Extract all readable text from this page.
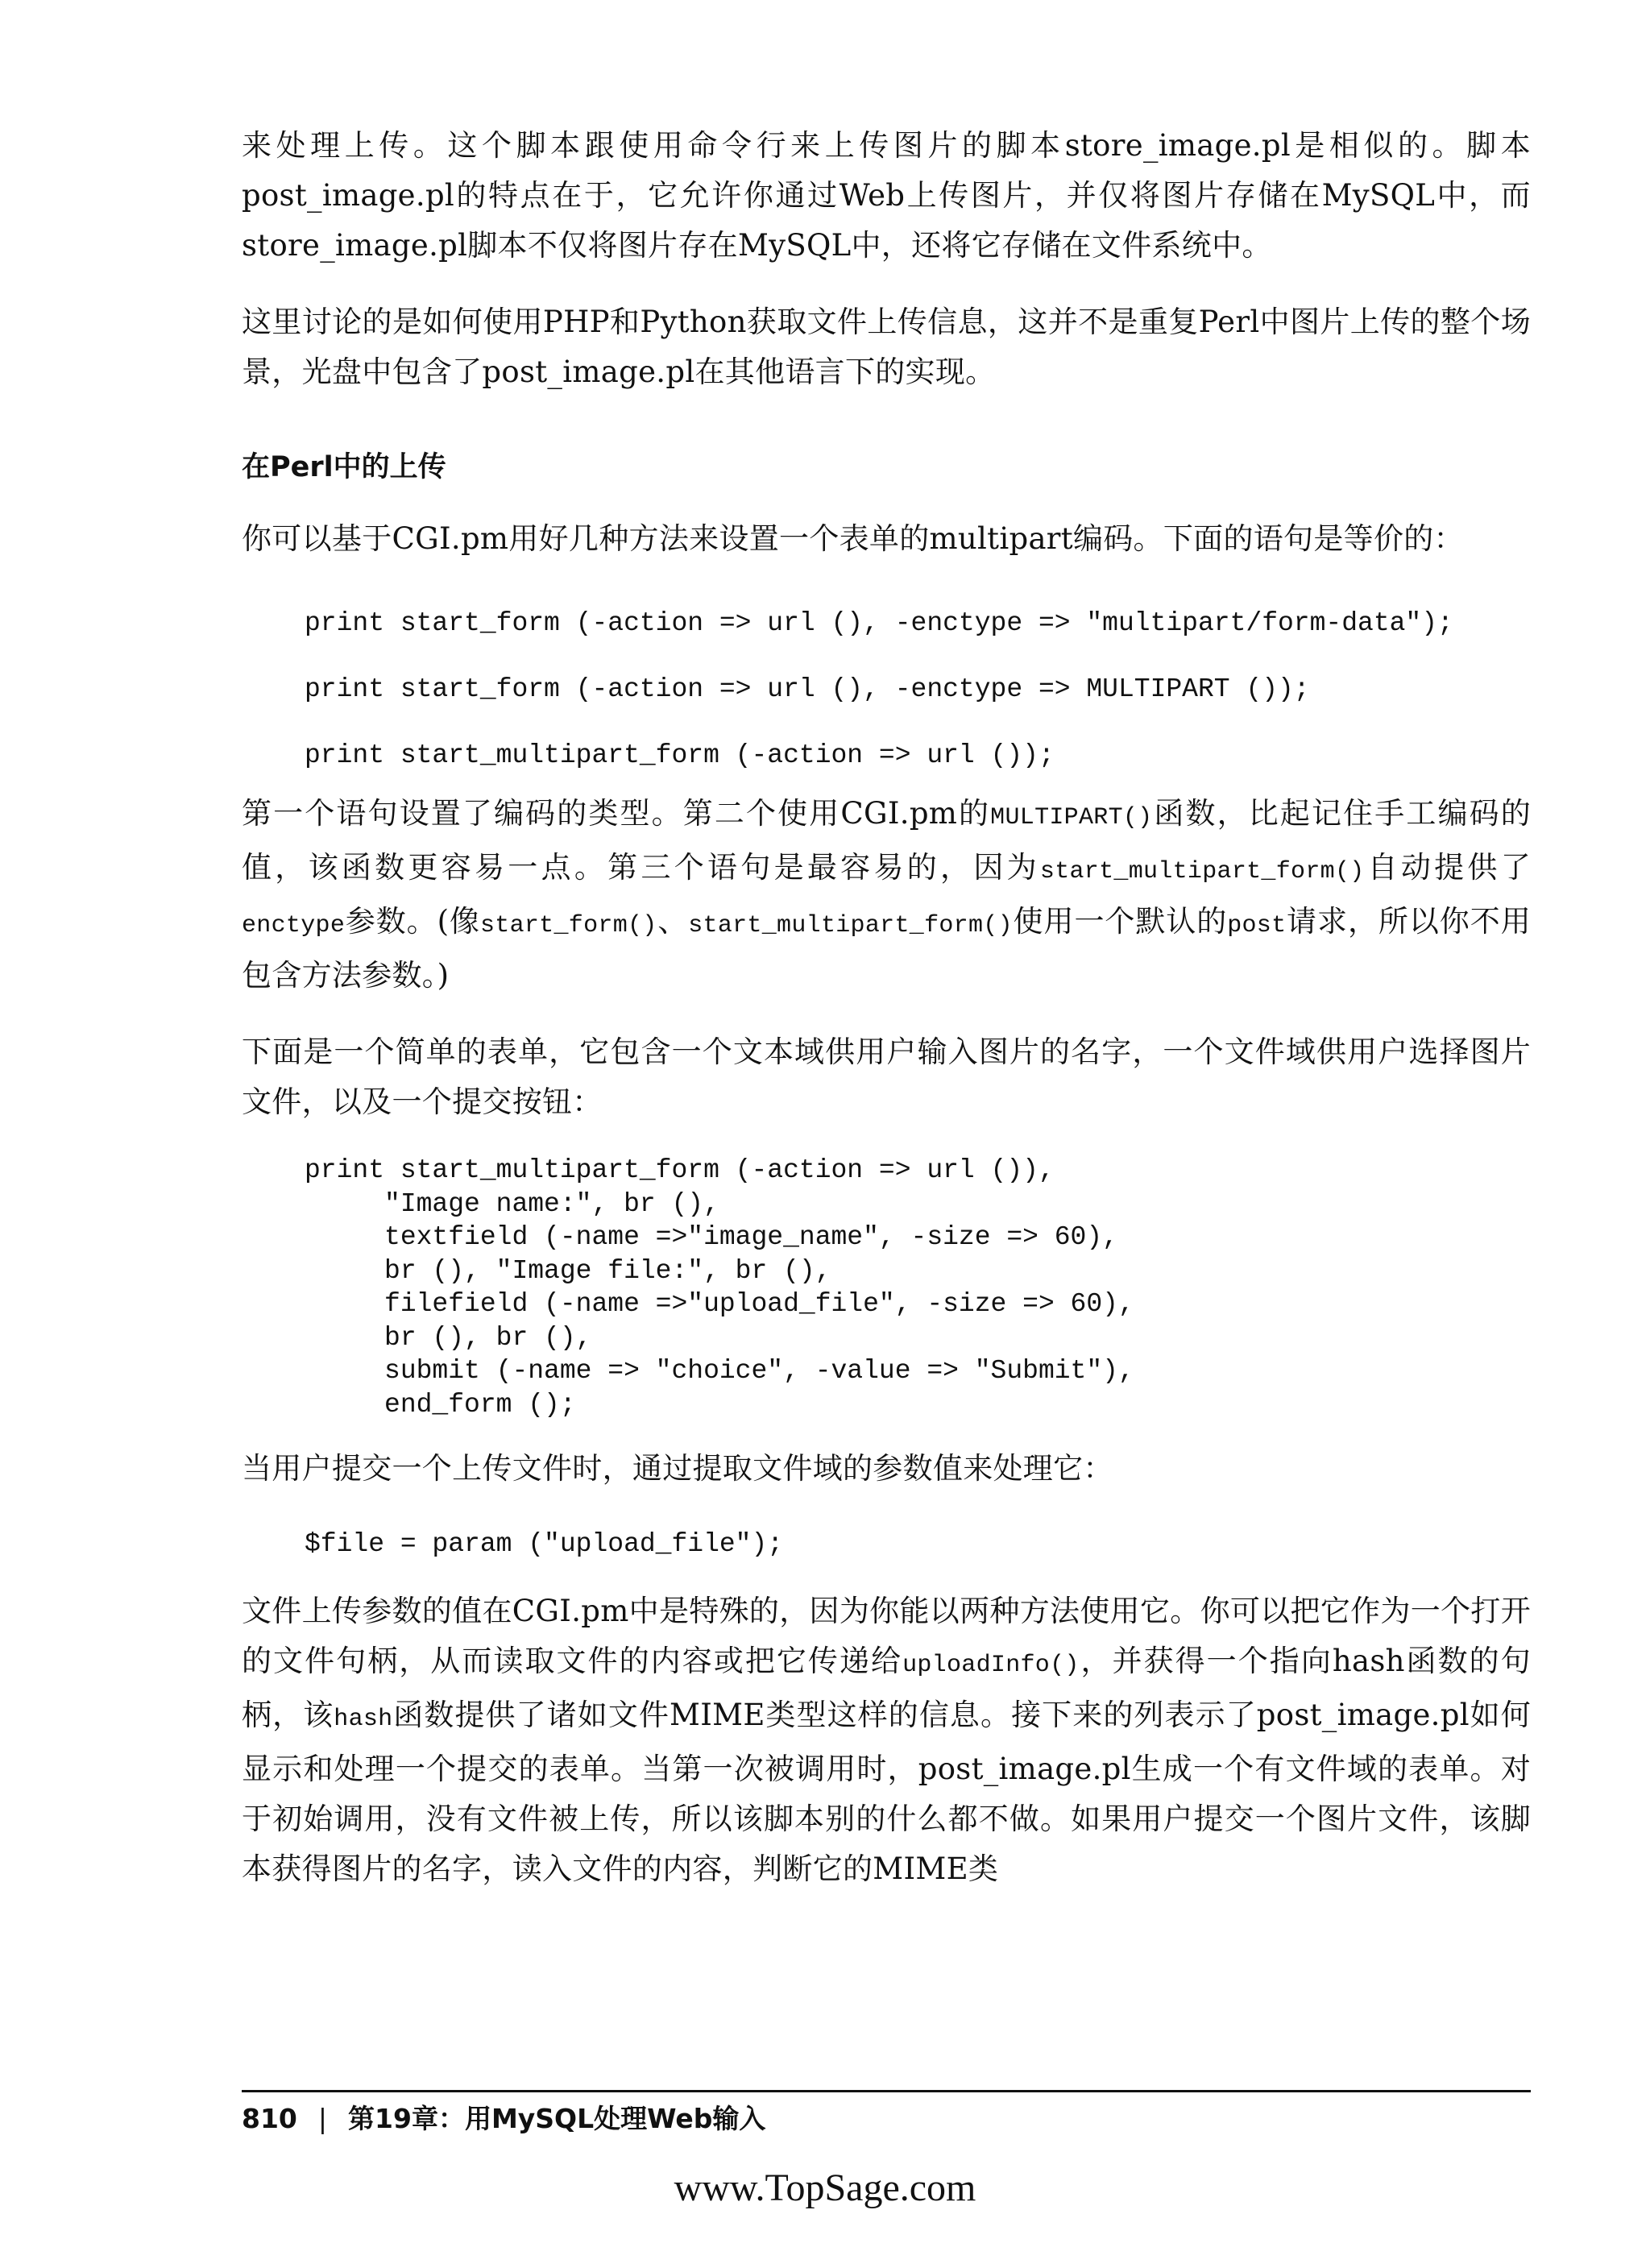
来处理上传。这个脚本跟使用命令行来上传图片的脚本store_image.pl是相似的。脚本post_image.pl的特点在于，它允许你通过Web上传图片，并仅将图片存储在MySQL中，而store_image.pl脚本不仅将图片存在MySQL中，还将它存储在文件系统中。

这里讨论的是如何使用PHP和Python获取文件上传信息，这并不是重复Perl中图片上传的整个场景，光盘中包含了post_image.pl在其他语言下的实现。

在Perl中的上传

你可以基于CGI.pm用好几种方法来设置一个表单的multipart编码。下面的语句是等价的：

print start_form (-action => url (), -enctype => "multipart/form-data");
print start_form (-action => url (), -enctype => MULTIPART ());
print start_multipart_form (-action => url ());

第一个语句设置了编码的类型。第二个使用CGI.pm的MULTIPART()函数，比起记住手工编码的值，该函数更容易一点。第三个语句是最容易的，因为start_multipart_form()自动提供了enctype参数。(像start_form()、start_multipart_form()使用一个默认的post请求，所以你不用包含方法参数。)

下面是一个简单的表单，它包含一个文本域供用户输入图片的名字，一个文件域供用户选择图片文件，以及一个提交按钮：

print start_multipart_form (-action => url ()),
"Image name:", br (),
textfield (-name =>"image_name", -size => 60),
br (), "Image file:", br (),
filefield (-name =>"upload_file", -size => 60),
br (), br (),
submit (-name => "choice", -value => "Submit"),
end_form ();

当用户提交一个上传文件时，通过提取文件域的参数值来处理它：

$file = param ("upload_file");

文件上传参数的值在CGI.pm中是特殊的，因为你能以两种方法使用它。你可以把它作为一个打开的文件句柄，从而读取文件的内容或把它传递给uploadInfo()，并获得一个指向hash函数的句柄，该hash函数提供了诸如文件MIME类型这样的信息。接下来的列表示了post_image.pl如何显示和处理一个提交的表单。当第一次被调用时，post_image.pl生成一个有文件域的表单。对于初始调用，没有文件被上传，所以该脚本别的什么都不做。如果用户提交一个图片文件，该脚本获得图片的名字，读入文件的内容，判断它的MIME类

810 | 第19章：用MySQL处理Web输入
www.TopSage.com
